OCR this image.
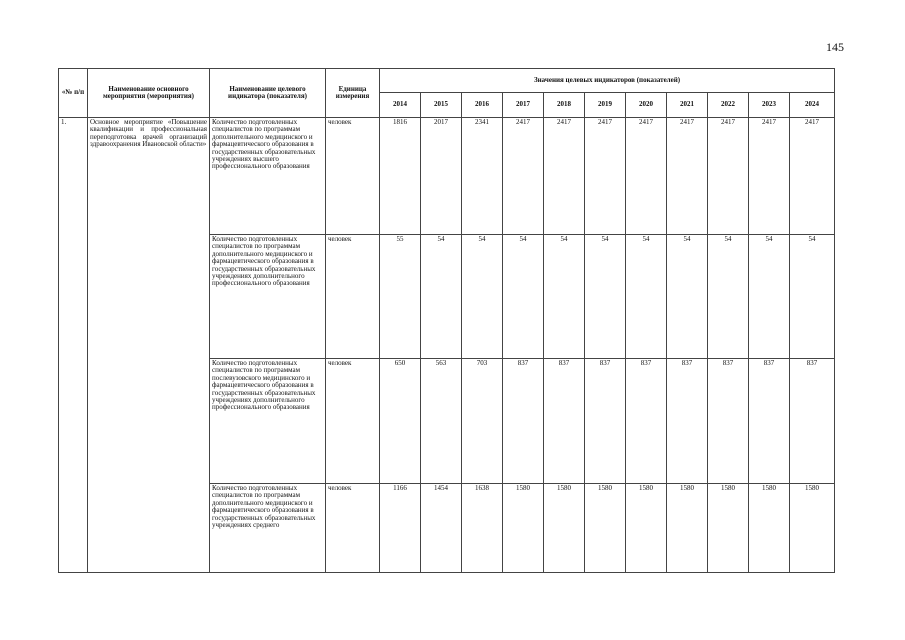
145
«№ п/п	Наименование основного мероприятия (мероприятия)	Наименование целевого индикатора (показателя)	Единица измерения	Значения целевых индикаторов (показателей)										
				2014	2015	2016	2017	2018	2019	2020	2021	2022	2023	2024
1.	Основное мероприятие «Повышение квалификации и профессиональная переподготовка врачей организаций здравоохранения Ивановской области»	Количество подготовленных специалистов по программам дополнительного медицинского и фармацевтического образования в государственных образовательных учреждениях высшего профессионального образования	человек	1816	2017	2341	2417	2417	2417	2417	2417	2417	2417	2417
		Количество подготовленных специалистов по программам дополнительного медицинского и фармацевтического образования в государственных образовательных учреждениях дополнительного профессионального образования	человек	55	54	54	54	54	54	54	54	54	54	54
		Количество подготовленных специалистов по программам послевузовского медицинского и фармацевтического образования в государственных образовательных учреждениях дополнительного профессионального образования	человек	650	563	703	837	837	837	837	837	837	837	837
		Количество подготовленных специалистов по программам дополнительного медицинского и фармацевтического образования в государственных образовательных учреждениях среднего	человек	1166	1454	1638	1580	1580	1580	1580	1580	1580	1580	1580
